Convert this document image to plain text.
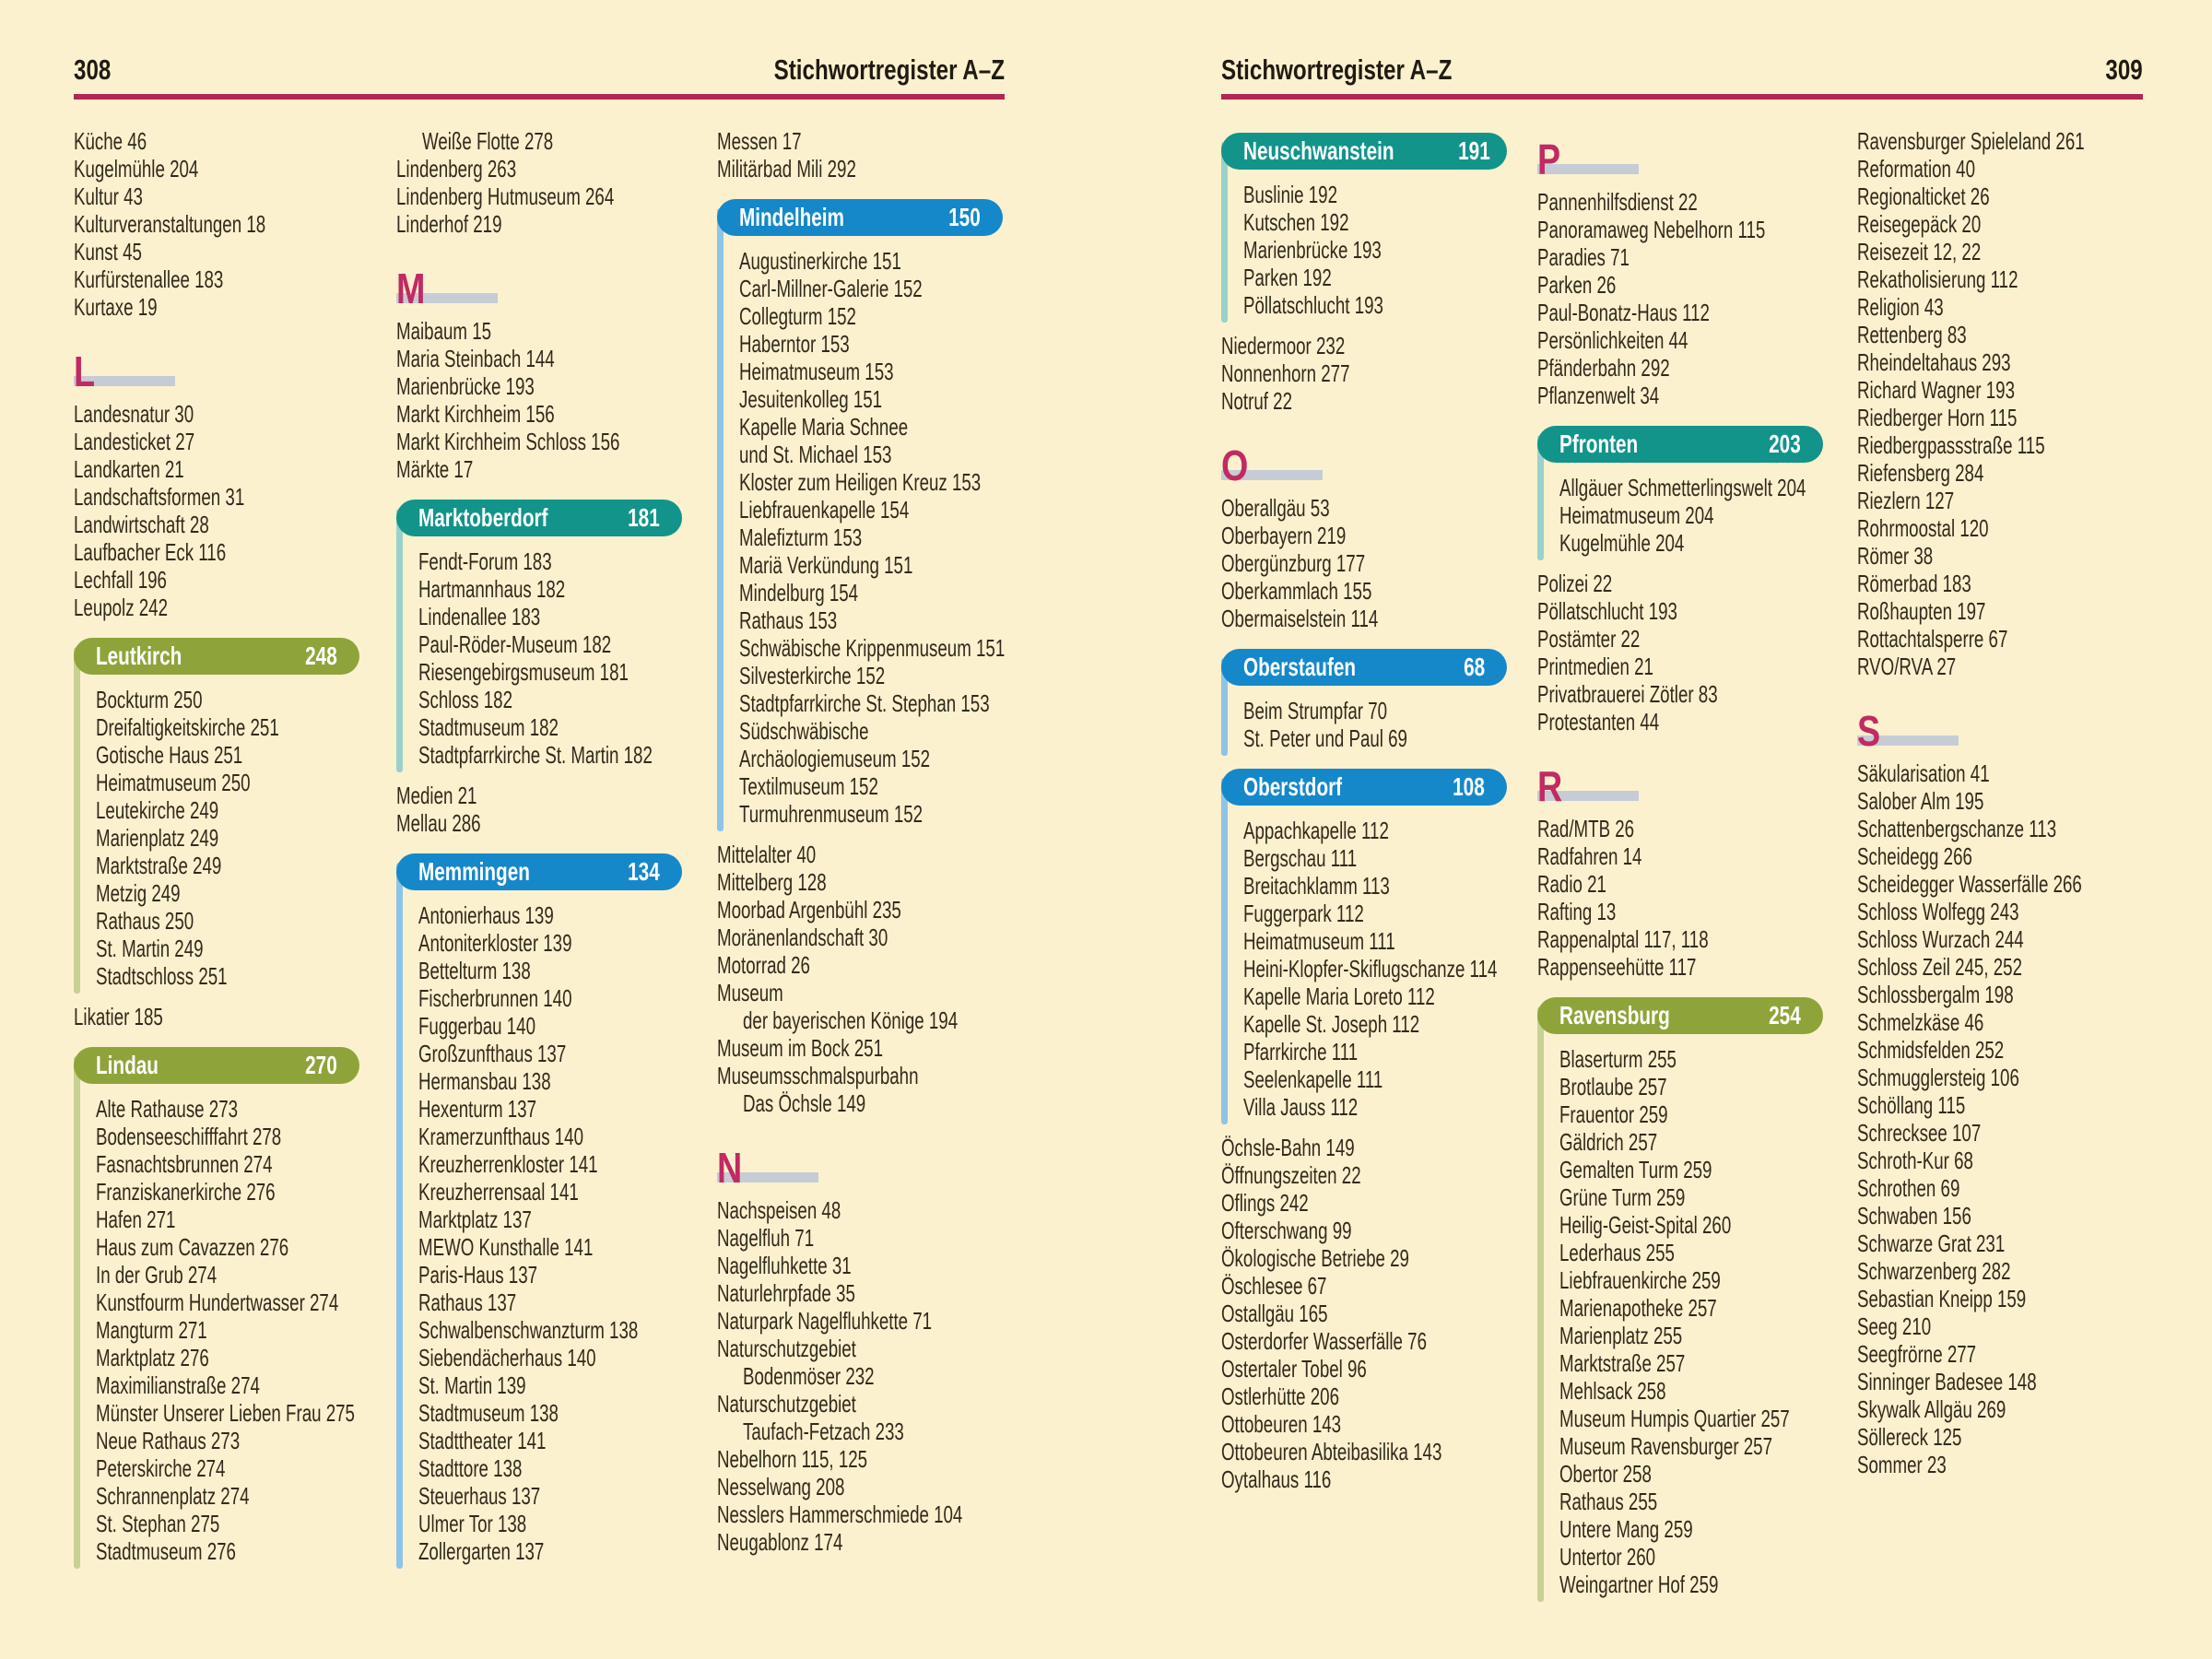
308	Stichwortregister A–Z	Stichwortregister A–Z	309
Küche 46
Kugelmühle 204
Kultur 43
Kulturveranstaltungen 18
Kunst 45
Kurfürstenallee 183
Kurtaxe 19
L
Landesnatur 30
Landesticket 27
Landkarten 21
Landschaftsformen 31
Landwirtschaft 28
Laufbacher Eck 116
Lechfall 196
Leupolz 242
Leutkirch	248
Bockturm 250
Dreifaltigkeitskirche 251
Gotische Haus 251
Heimatmuseum 250
Leutekirche 249
Marienplatz 249
Marktstraße 249
Metzig 249
Rathaus 250
St. Martin 249
Stadtschloss 251
Likatier 185
Lindau	270
Alte Rathause 273
Bodenseeschifffahrt 278
Fasnachtsbrunnen 274
Franziskanerkirche 276
Hafen 271
Haus zum Cavazzen 276
In der Grub 274
Kunstfourm Hundertwasser 274
Mangturm 271
Marktplatz 276
Maximilianstraße 274
Münster Unserer Lieben Frau 275
Neue Rathaus 273
Peterskirche 274
Schrannenplatz 274
St. Stephan 275
Stadtmuseum 276
Weiße Flotte 278
Lindenberg 263
Lindenberg Hutmuseum 264
Linderhof 219
M
Maibaum 15
Maria Steinbach 144
Marienbrücke 193
Markt Kirchheim 156
Markt Kirchheim Schloss 156
Märkte 17
Marktoberdorf	181
Fendt-Forum 183
Hartmannhaus 182
Lindenallee 183
Paul-Röder-Museum 182
Riesengebirgsmuseum 181
Schloss 182
Stadtmuseum 182
Stadtpfarrkirche St. Martin 182
Medien 21
Mellau 286
Memmingen	134
Antonierhaus 139
Antoniterkloster 139
Bettelturm 138
Fischerbrunnen 140
Fuggerbau 140
Großzunfthaus 137
Hermansbau 138
Hexenturm 137
Kramerzunfthaus 140
Kreuzherrenkloster 141
Kreuzherrensaal 141
Marktplatz 137
MEWO Kunsthalle 141
Paris-Haus 137
Rathaus 137
Schwalbenschwanzturm 138
Siebendächerhaus 140
St. Martin 139
Stadtmuseum 138
Stadttheater 141
Stadttore 138
Steuerhaus 137
Ulmer Tor 138
Zollergarten 137
Messen 17
Militärbad Mili 292
Mindelheim	150
Augustinerkirche 151
Carl-Millner-Galerie 152
Collegturm 152
Haberntor 153
Heimatmuseum 153
Jesuitenkolleg 151
Kapelle Maria Schnee
und St. Michael 153
Kloster zum Heiligen Kreuz 153
Liebfrauenkapelle 154
Malefizturm 153
Mariä Verkündung 151
Mindelburg 154
Rathaus 153
Schwäbische Krippenmuseum 151
Silvesterkirche 152
Stadtpfarrkirche St. Stephan 153
Südschwäbische
Archäologiemuseum 152
Textilmuseum 152
Turmuhrenmuseum 152
Mittelalter 40
Mittelberg 128
Moorbad Argenbühl 235
Moränenlandschaft 30
Motorrad 26
Museum
der bayerischen Könige 194
Museum im Bock 251
Museumsschmalspurbahn
Das Öchsle 149
N
Nachspeisen 48
Nagelfluh 71
Nagelfluhkette 31
Naturlehrpfade 35
Naturpark Nagelfluhkette 71
Naturschutzgebiet
Bodenmöser 232
Naturschutzgebiet
Taufach-Fetzach 233
Nebelhorn 115, 125
Nesselwang 208
Nesslers Hammerschmiede 104
Neugablonz 174
Neuschwanstein 191
Buslinie 192
Kutschen 192
Marienbrücke 193
Parken 192
Pöllatschlucht 193
Niedermoor 232
Nonnenhorn 277
Notruf 22
O
Oberallgäu 53
Oberbayern 219
Obergünzburg 177
Oberkammlach 155
Obermaiselstein 114
Oberstaufen	68
Beim Strumpfar 70
St. Peter und Paul 69
Oberstdorf	108
Appachkapelle 112
Bergschau 111
Breitachklamm 113
Fuggerpark 112
Heimatmuseum 111
Heini-Klopfer-Skiflugschanze 114
Kapelle Maria Loreto 112
Kapelle St. Joseph 112
Pfarrkirche 111
Seelenkapelle 111
Villa Jauss 112
Öchsle-Bahn 149
Öffnungszeiten 22
Oflings 242
Ofterschwang 99
Ökologische Betriebe 29
Öschlesee 67
Ostallgäu 165
Osterdorfer Wasserfälle 76
Ostertaler Tobel 96
Ostlerhütte 206
Ottobeuren 143
Ottobeuren Abteibasilika 143
Oytalhaus 116
P
Pannenhilfsdienst 22
Panoramaweg Nebelhorn 115
Paradies 71
Parken 26
Paul-Bonatz-Haus 112
Persönlichkeiten 44
Pfänderbahn 292
Pflanzenwelt 34
Pfronten	203
Allgäuer Schmetterlingswelt 204
Heimatmuseum 204
Kugelmühle 204
Polizei 22
Pöllatschlucht 193
Postämter 22
Printmedien 21
Privatbrauerei Zötler 83
Protestanten 44
R
Rad/MTB 26
Radfahren 14
Radio 21
Rafting 13
Rappenalptal 117, 118
Rappenseehütte 117
Ravensburg	254
Blaserturm 255
Brotlaube 257
Frauentor 259
Gäldrich 257
Gemalten Turm 259
Grüne Turm 259
Heilig-Geist-Spital 260
Lederhaus 255
Liebfrauenkirche 259
Marienapotheke 257
Marienplatz 255
Marktstraße 257
Mehlsack 258
Museum Humpis Quartier 257
Museum Ravensburger 257
Obertor 258
Rathaus 255
Untere Mang 259
Untertor 260
Weingartner Hof 259
Ravensburger Spieleland 261
Reformation 40
Regionalticket 26
Reisegepäck 20
Reisezeit 12, 22
Rekatholisierung 112
Religion 43
Rettenberg 83
Rheindeltahaus 293
Richard Wagner 193
Riedberger Horn 115
Riedbergpassstraße 115
Riefensberg 284
Riezlern 127
Rohrmoostal 120
Römer 38
Römerbad 183
Roßhaupten 197
Rottachtalsperre 67
RVO/RVA 27
S
Säkularisation 41
Salober Alm 195
Schattenbergschanze 113
Scheidegg 266
Scheidegger Wasserfälle 266
Schloss Wolfegg 243
Schloss Wurzach 244
Schloss Zeil 245, 252
Schlossbergalm 198
Schmelzkäse 46
Schmidsfelden 252
Schmugglersteig 106
Schöllang 115
Schrecksee 107
Schroth-Kur 68
Schrothen 69
Schwaben 156
Schwarze Grat 231
Schwarzenberg 282
Sebastian Kneipp 159
Seeg 210
Seegfrörne 277
Sinninger Badesee 148
Skywalk Allgäu 269
Söllereck 125
Sommer 23
